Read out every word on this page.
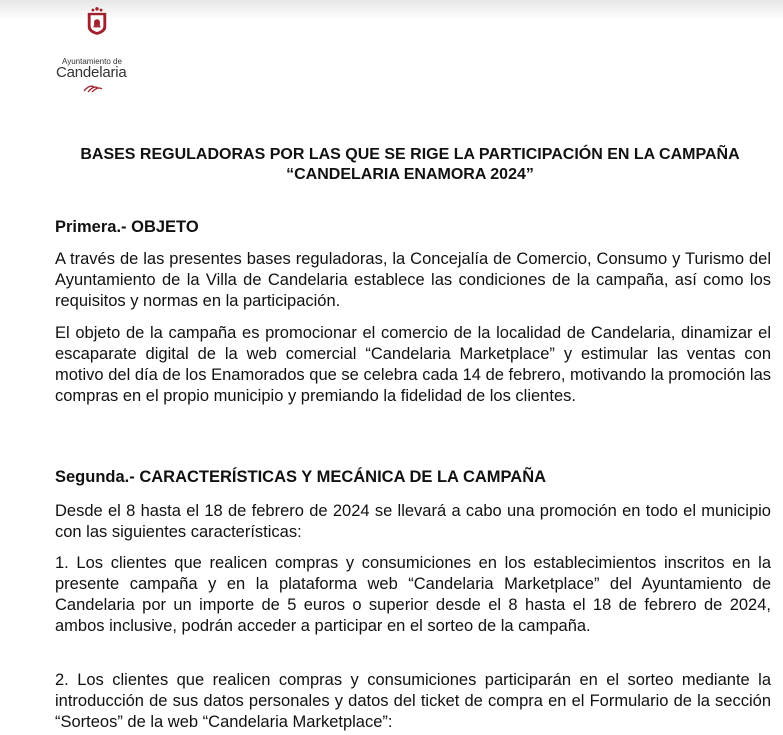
Ayuntamiento de
Candelaria
BASES REGULADORAS POR LAS QUE SE RIGE LA PARTICIPACIÓN EN LA CAMPAÑA “CANDELARIA ENAMORA 2024”
Primera.- OBJETO
A través de las presentes bases reguladoras, la Concejalía de Comercio, Consumo y Turismo del Ayuntamiento de la Villa de Candelaria establece las condiciones de la campaña, así como los requisitos y normas en la participación.
El objeto de la campaña es promocionar el comercio de la localidad de Candelaria, dinamizar el escaparate digital de la web comercial “Candelaria Marketplace” y estimular las ventas con motivo del día de los Enamorados que se celebra cada 14 de febrero, motivando la promoción las compras en el propio municipio y premiando la fidelidad de los clientes.
Segunda.- CARACTERÍSTICAS Y MECÁNICA DE LA CAMPAÑA
Desde el 8 hasta el 18 de febrero de 2024 se llevará a cabo una promoción en todo el municipio con las siguientes características:
1. Los clientes que realicen compras y consumiciones en los establecimientos inscritos en la presente campaña y en la plataforma web “Candelaria Marketplace” del Ayuntamiento de Candelaria por un importe de 5 euros o superior desde el 8 hasta el 18 de febrero de 2024, ambos inclusive, podrán acceder a participar en el sorteo de la campaña.
2. Los clientes que realicen compras y consumiciones participarán en el sorteo mediante la introducción de sus datos personales y datos del ticket de compra en el Formulario de la sección “Sorteos” de la web “Candelaria Marketplace”:
